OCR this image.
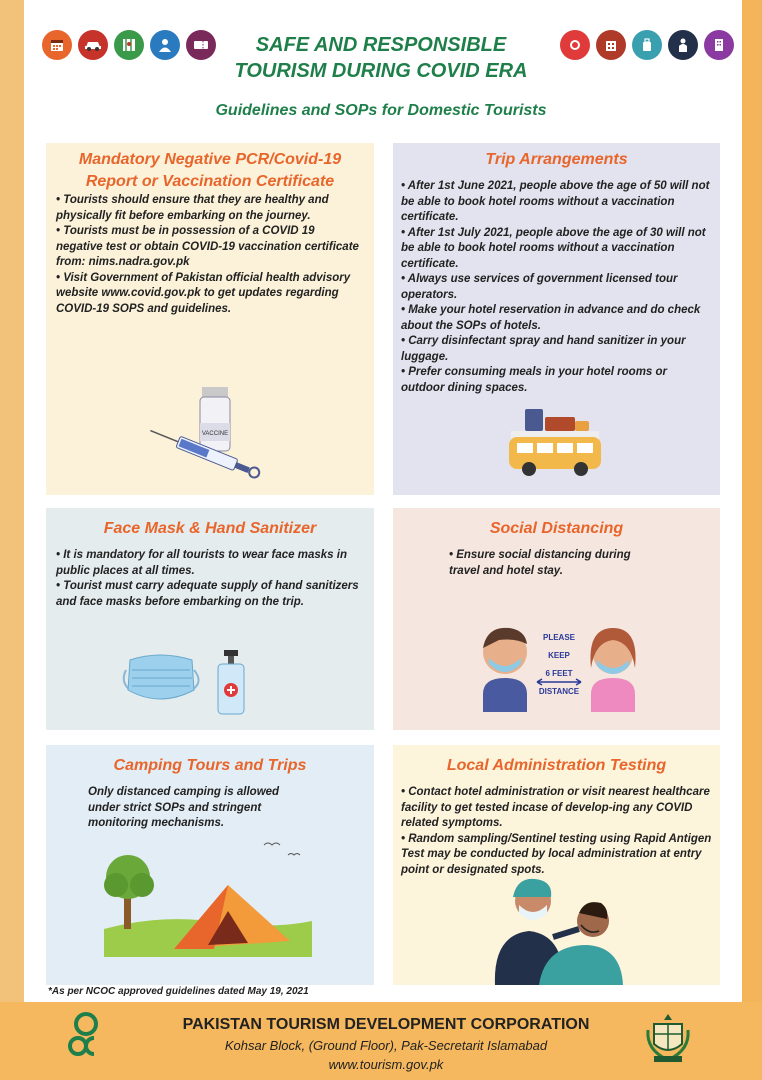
SAFE AND RESPONSIBLE
TOURISM DURING COVID ERA
Guidelines and SOPs for Domestic Tourists
Mandatory Negative PCR/Covid-19
Report or Vaccination Certificate

• Tourists should ensure that they are healthy and physically fit before embarking on the journey.

• Tourists must be in possession of a COVID 19 negative test or obtain COVID-19 vaccination certificate from: nims.nadra.gov.pk

• Visit Government of Pakistan official health advisory website www.covid.gov.pk to get updates regarding COVID-19 SOPS and guidelines.

VACCINE
Trip Arrangements

• After 1st June 2021, people above the age of 50 will not be able to book hotel rooms without a vaccination certificate.

• After 1st July 2021, people above the age of 30 will not be able to book hotel rooms without a vaccination certificate.

• Always use services of government licensed tour operators.

• Make your hotel reservation in advance and do check about the SOPs of hotels.

• Carry disinfectant spray and hand sanitizer in your luggage.

• Prefer consuming meals in your hotel rooms or outdoor dining spaces.

Face Mask & Hand Sanitizer

• It is mandatory for all tourists to wear face masks in public places at all times.

• Tourist must carry adequate supply of hand sanitizers and face masks before embarking on the trip.

Social Distancing

• Ensure social distancing during travel and hotel stay.

PLEASE
KEEP
6 FEET
DISTANCE
Camping Tours and Trips

Only distanced camping is allowed under strict SOPs and stringent monitoring mechanisms.

Local Administration Testing

• Contact hotel administration or visit nearest healthcare facility to get tested incase of develop-ing any COVID related symptoms.

• Random sampling/Sentinel testing using Rapid Antigen Test may be conducted by local administration at entry point or designated spots.

*As per NCOC approved guidelines dated May 19, 2021
PAKISTAN TOURISM DEVELOPMENT CORPORATION
Kohsar Block, (Ground Floor), Pak-Secretarit Islamabad
www.tourism.gov.pk
